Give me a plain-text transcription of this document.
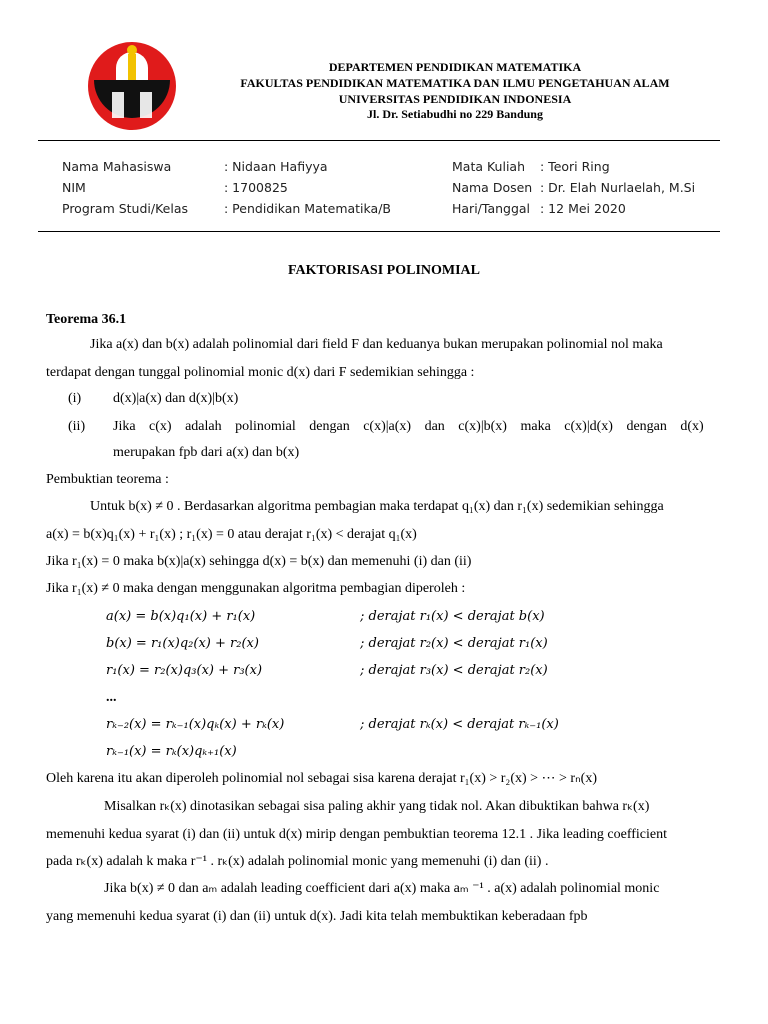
DEPARTEMEN PENDIDIKAN MATEMATIKA
FAKULTAS PENDIDIKAN MATEMATIKA DAN ILMU PENGETAHUAN ALAM
UNIVERSITAS PENDIDIKAN INDONESIA
Jl. Dr. Setiabudhi no 229 Bandung
Nama Mahasiswa	: Nidaan Hafiyya
NIM	: 1700825
Program Studi/Kelas	: Pendidikan Matematika/B
Mata Kuliah : Teori Ring
Nama Dosen : Dr. Elah Nurlaelah, M.Si
Hari/Tanggal : 12 Mei 2020
FAKTORISASI POLINOMIAL
Teorema 36.1
Jika a(x) dan b(x) adalah polinomial dari field F dan keduanya bukan merupakan polinomial nol maka
terdapat dengan tunggal polinomial monic d(x) dari F sedemikian sehingga :
(i) d(x)|a(x) dan d(x)|b(x)
(ii) Jika c(x) adalah polinomial dengan c(x)|a(x) dan c(x)|b(x) maka c(x)|d(x) dengan d(x)
merupakan fpb dari a(x) dan b(x)
Pembuktian teorema :
Untuk b(x) ≠ 0 . Berdasarkan algoritma pembagian maka terdapat q₁(x) dan r₁(x) sedemikian sehingga
a(x) = b(x)q₁(x) + r₁(x) ; r₁(x) = 0 atau derajat r₁(x) < derajat q₁(x)
Jika r₁(x) = 0 maka b(x)|a(x) sehingga d(x) = b(x) dan memenuhi (i) dan (ii)
Jika r₁(x) ≠ 0 maka dengan menggunakan algoritma pembagian diperoleh :
a(x) = b(x)q₁(x) + r₁(x)	; derajat r₁(x) < derajat b(x)
b(x) = r₁(x)q₂(x) + r₂(x)	; derajat r₂(x) < derajat r₁(x)
r₁(x) = r₂(x)q₃(x) + r₃(x)	; derajat r₃(x) < derajat r₂(x)
...
rₖ₋₂(x) = rₖ₋₁(x)qₖ(x) + rₖ(x)	; derajat rₖ(x) < derajat rₖ₋₁(x)
rₖ₋₁(x) = rₖ(x)qₖ₊₁(x)
Oleh karena itu akan diperoleh polinomial nol sebagai sisa karena derajat r₁(x) > r₂(x) > ⋯ > rₙ(x)
Misalkan rₖ(x) dinotasikan sebagai sisa paling akhir yang tidak nol. Akan dibuktikan bahwa rₖ(x)
memenuhi kedua syarat (i) dan (ii) untuk d(x) mirip dengan pembuktian teorema 12.1 . Jika leading coefficient
pada rₖ(x) adalah k maka r⁻¹ . rₖ(x) adalah polinomial monic yang memenuhi (i) dan (ii) .
Jika b(x) ≠ 0 dan aₘ adalah leading coefficient dari a(x) maka aₘ ⁻¹ . a(x) adalah polinomial monic
yang memenuhi kedua syarat (i) dan (ii) untuk d(x). Jadi kita telah membuktikan keberadaan fpb
